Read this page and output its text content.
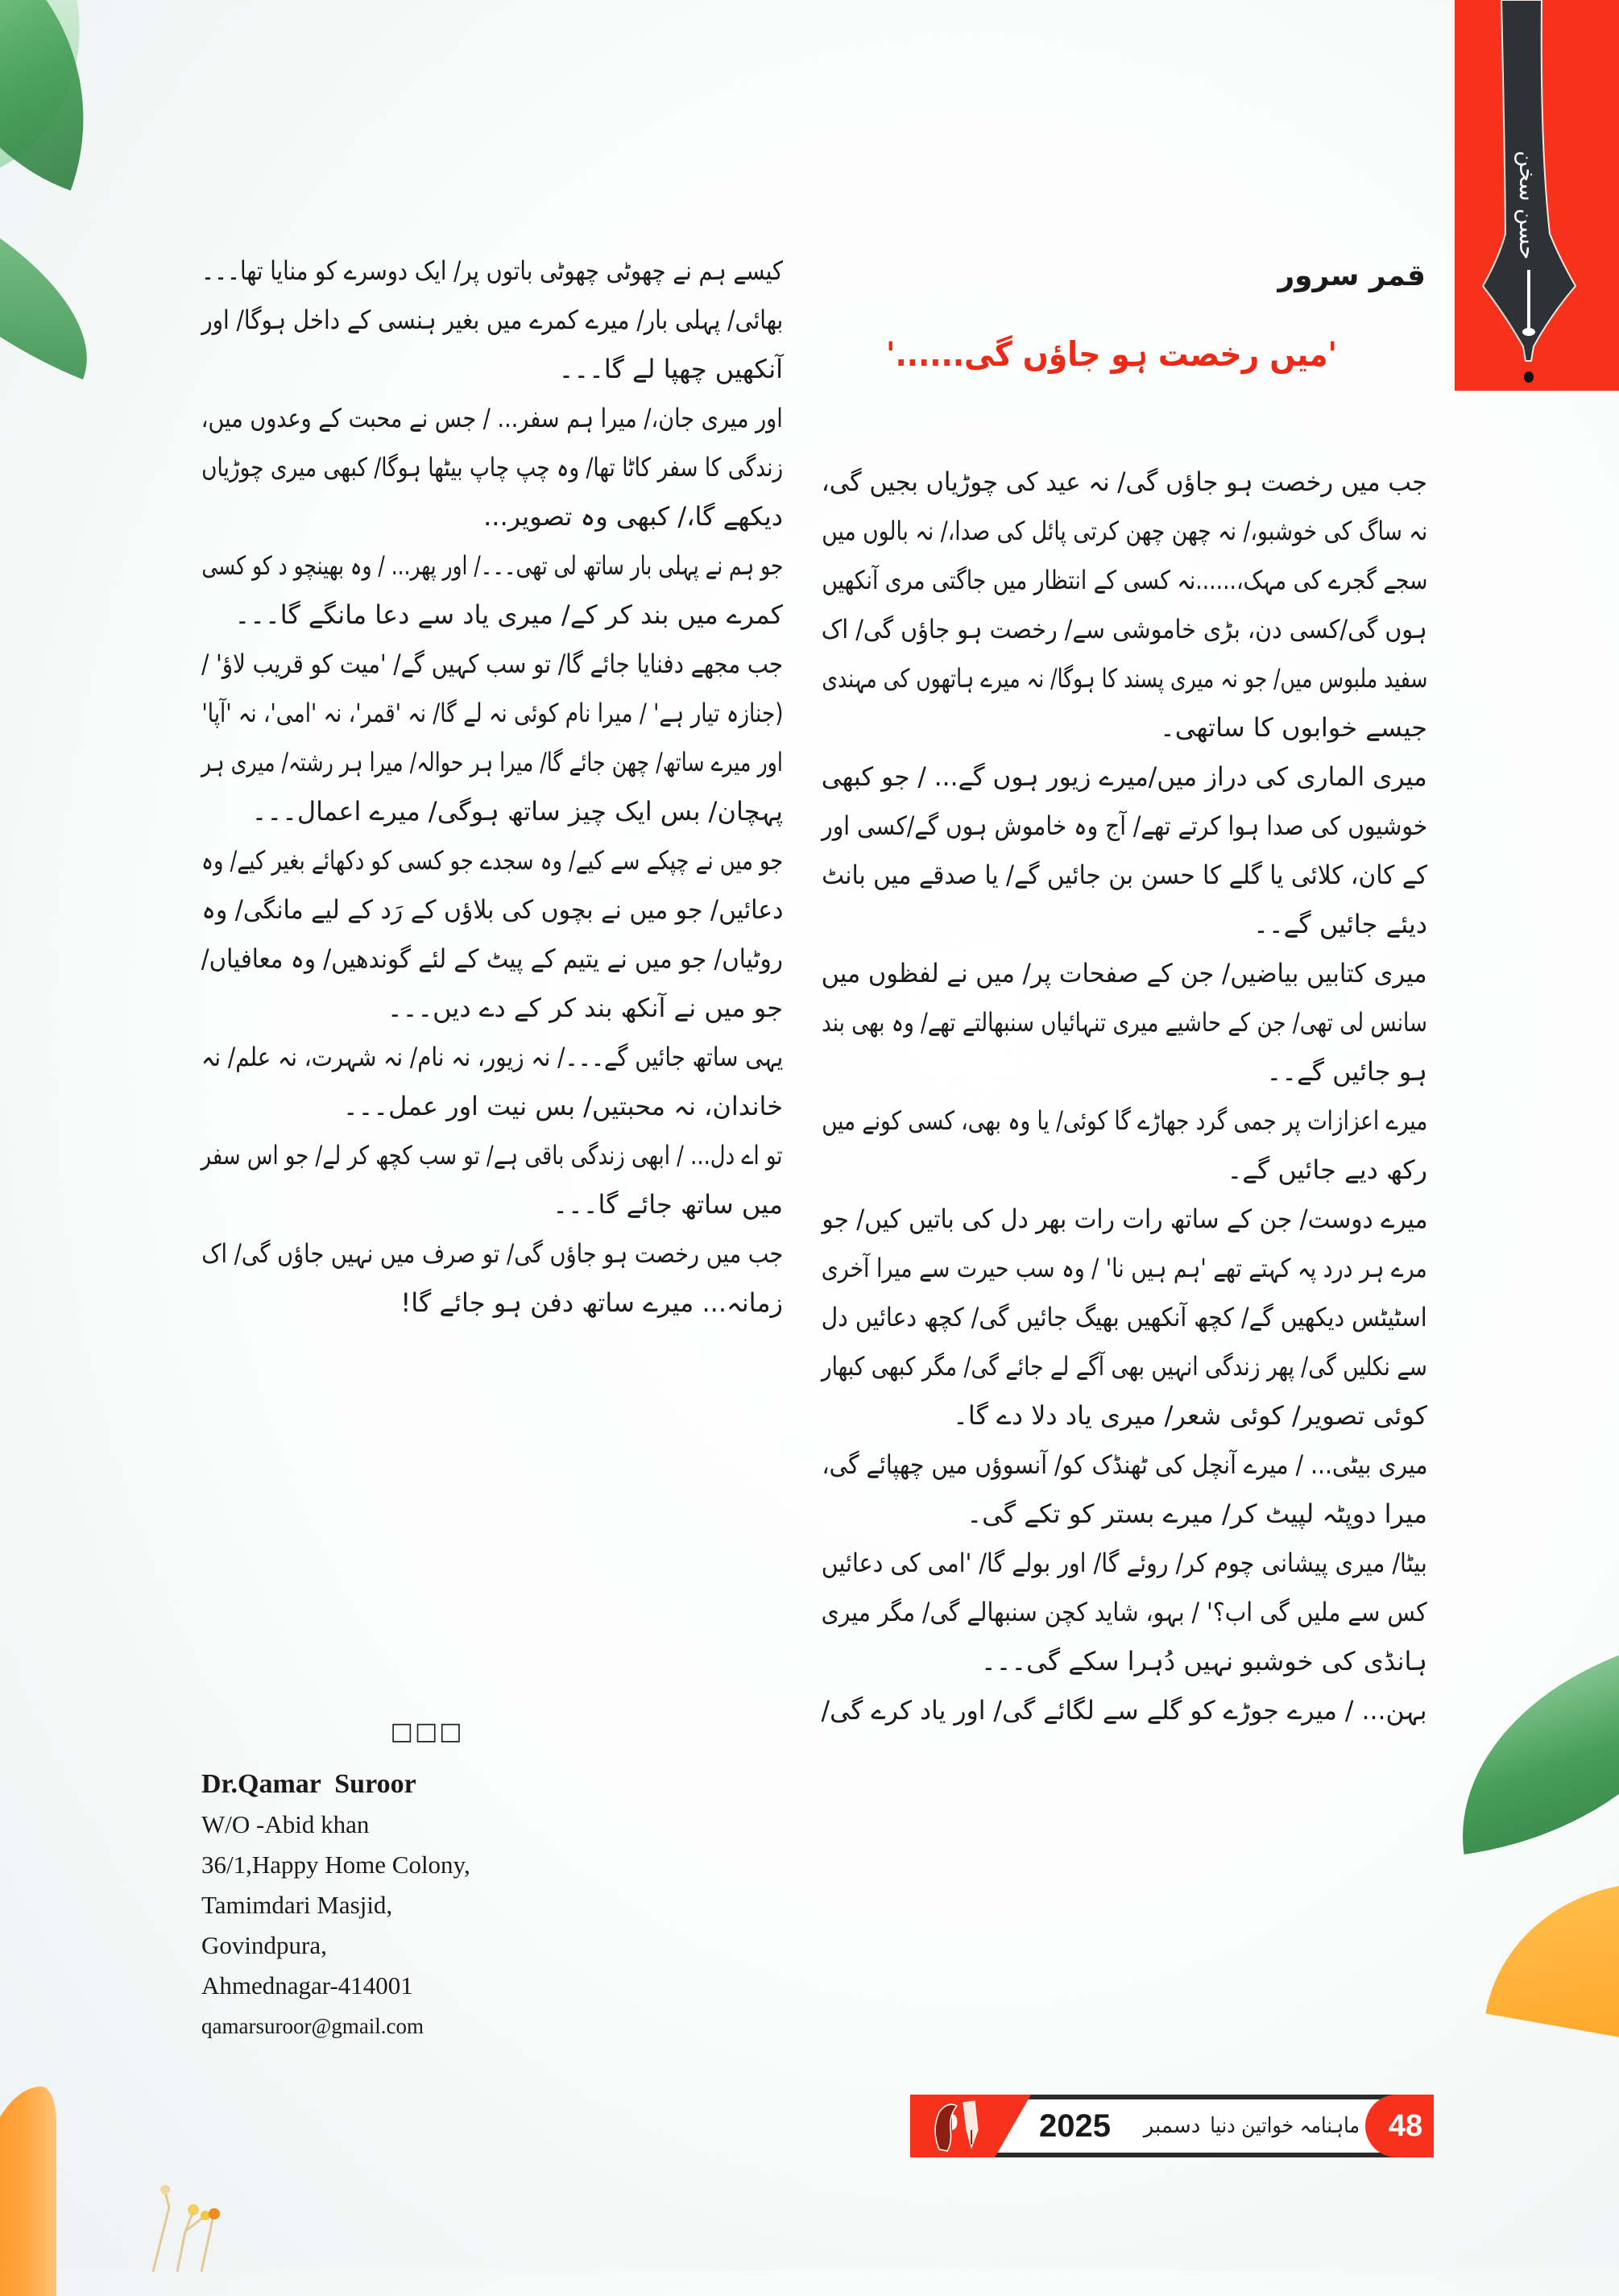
حسن سخن
قمر سرور
'میں رخصت ہو جاؤں گی......'

جب میں رخصت ہو جاؤں گی/ نہ عید کی چوڑیاں بجیں گی،

نہ ساگ کی خوشبو،/ نہ چھن چھن کرتی پائل کی صدا،/ نہ بالوں میں

سجے گجرے کی مہک،......نہ کسی کے انتظار میں جاگتی مری آنکھیں

ہوں گی/کسی دن، بڑی خاموشی سے/ رخصت ہو جاؤں گی/ اک

سفید ملبوس میں/ جو نہ میری پسند کا ہوگا/ نہ میرے ہاتھوں کی مہندی

جیسے خوابوں کا ساتھی۔

میری الماری کی دراز میں/میرے زیور ہوں گے... / جو کبھی

خوشیوں کی صدا ہوا کرتے تھے/ آج وہ خاموش ہوں گے/کسی اور

کے کان، کلائی یا گلے کا حسن بن جائیں گے/ یا صدقے میں بانٹ

دیئے جائیں گے۔۔

میری کتابیں بیاضیں/ جن کے صفحات پر/ میں نے لفظوں میں

سانس لی تھی/ جن کے حاشیے میری تنہائیاں سنبھالتے تھے/ وہ بھی بند

ہو جائیں گے۔۔

میرے اعزازات پر جمی گرد جھاڑے گا کوئی/ یا وہ بھی، کسی کونے میں

رکھ دیے جائیں گے۔

میرے دوست/ جن کے ساتھ رات رات بھر دل کی باتیں کیں/ جو

مرے ہر درد پہ کہتے تھے 'ہم ہیں نا' / وہ سب حیرت سے میرا آخری

اسٹیٹس دیکھیں گے/ کچھ آنکھیں بھیگ جائیں گی/ کچھ دعائیں دل

سے نکلیں گی/ پھر زندگی انہیں بھی آگے لے جائے گی/ مگر کبھی کبھار

کوئی تصویر/ کوئی شعر/ میری یاد دلا دے گا۔

میری بیٹی... / میرے آنچل کی ٹھنڈک کو/ آنسوؤں میں چھپائے گی،

میرا دوپٹہ لپیٹ کر/ میرے بستر کو تکے گی۔

بیٹا/ میری پیشانی چوم کر/ روئے گا/ اور بولے گا/ 'امی کی دعائیں

کس سے ملیں گی اب؟' / بہو، شاید کچن سنبھالے گی/ مگر میری

ہانڈی کی خوشبو نہیں دُہرا سکے گی۔۔۔

بہن... / میرے جوڑے کو گلے سے لگائے گی/ اور یاد کرے گی/

کیسے ہم نے چھوٹی چھوٹی باتوں پر/ ایک دوسرے کو منایا تھا۔۔۔

بھائی/ پہلی بار/ میرے کمرے میں بغیر ہنسی کے داخل ہوگا/ اور

آنکھیں چھپا لے گا۔۔۔

اور میری جان،/ میرا ہم سفر... / جس نے محبت کے وعدوں میں،

زندگی کا سفر کاٹا تھا/ وہ چپ چاپ بیٹھا ہوگا/ کبھی میری چوڑیاں

دیکھے گا،/ کبھی وہ تصویر...

جو ہم نے پہلی بار ساتھ لی تھی۔۔۔/ اور پھر... / وہ بھینچو د کو کسی

کمرے میں بند کر کے/ میری یاد سے دعا مانگے گا۔۔۔

جب مجھے دفنایا جائے گا/ تو سب کہیں گے/ 'میت کو قریب لاؤ' /

(جنازہ تیار ہے' / میرا نام کوئی نہ لے گا/ نہ 'قمر'، نہ 'امی'، نہ 'آپا'

اور میرے ساتھ/ چھن جائے گا/ میرا ہر حوالہ/ میرا ہر رشتہ/ میری ہر

پہچان/ بس ایک چیز ساتھ ہوگی/ میرے اعمال۔۔۔

جو میں نے چپکے سے کیے/ وہ سجدے جو کسی کو دکھائے بغیر کیے/ وہ

دعائیں/ جو میں نے بچوں کی بلاؤں کے رَد کے لیے مانگی/ وہ

روٹیاں/ جو میں نے یتیم کے پیٹ کے لئے گوندھیں/ وہ معافیاں/

جو میں نے آنکھ بند کر کے دے دیں۔۔۔

یہی ساتھ جائیں گے۔۔۔/ نہ زیور، نہ نام/ نہ شہرت، نہ علم/ نہ

خاندان، نہ محبتیں/ بس نیت اور عمل۔۔۔

تو اے دل... / ابھی زندگی باقی ہے/ تو سب کچھ کر لے/ جو اس سفر

میں ساتھ جائے گا۔۔۔

جب میں رخصت ہو جاؤں گی/ تو صرف میں نہیں جاؤں گی/ اک

زمانہ... میرے ساتھ دفن ہو جائے گا!

□□□
Dr.Qamar  Suroor
W/O -Abid khan
36/1,Happy Home Colony,
Tamimdari Masjid,
Govindpura,
Ahmednagar-414001
qamarsuroor@gmail.com
2025	دسمبر ماہنامہ خواتین دنیا 48
